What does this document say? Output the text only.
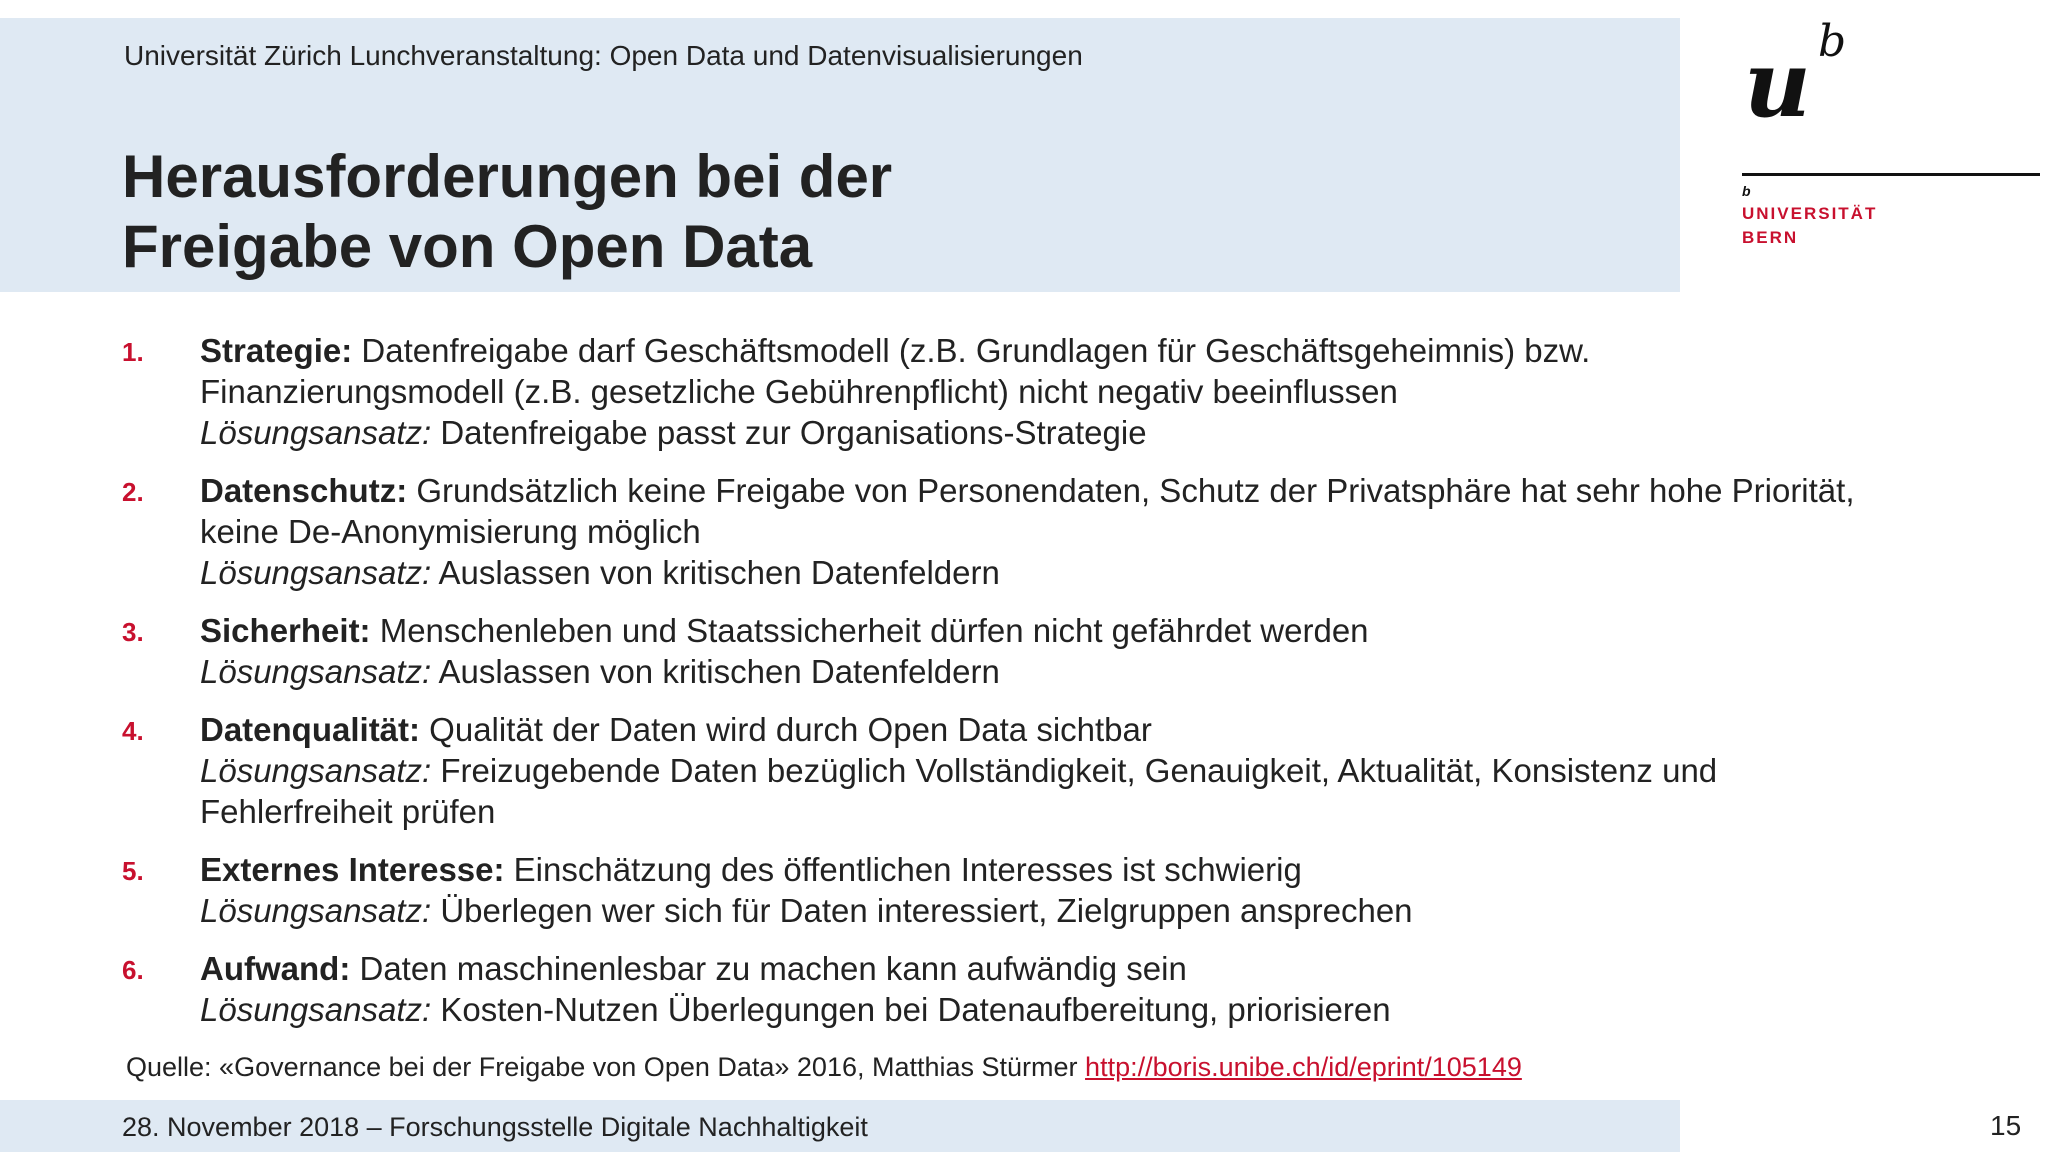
Universität Zürich Lunchveranstaltung: Open Data und Datenvisualisierungen
Herausforderungen bei der
Freigabe von Open Data
u b
b
UNIVERSITÄT
BERN
1.	Strategie: Datenfreigabe darf Geschäftsmodell (z.B. Grundlagen für Geschäftsgeheimnis) bzw.
Finanzierungsmodell (z.B. gesetzliche Gebührenpflicht) nicht negativ beeinflussen
Lösungsansatz: Datenfreigabe passt zur Organisations-Strategie
2.	Datenschutz: Grundsätzlich keine Freigabe von Personendaten, Schutz der Privatsphäre hat sehr hohe Priorität,
keine De-Anonymisierung möglich
Lösungsansatz: Auslassen von kritischen Datenfeldern
3.	Sicherheit: Menschenleben und Staatssicherheit dürfen nicht gefährdet werden
Lösungsansatz: Auslassen von kritischen Datenfeldern
4.	Datenqualität: Qualität der Daten wird durch Open Data sichtbar
Lösungsansatz: Freizugebende Daten bezüglich Vollständigkeit, Genauigkeit, Aktualität, Konsistenz und
Fehlerfreiheit prüfen
5.	Externes Interesse: Einschätzung des öffentlichen Interesses ist schwierig
Lösungsansatz: Überlegen wer sich für Daten interessiert, Zielgruppen ansprechen
6.	Aufwand: Daten maschinenlesbar zu machen kann aufwändig sein
Lösungsansatz: Kosten-Nutzen Überlegungen bei Datenaufbereitung, priorisieren
Quelle: «Governance bei der Freigabe von Open Data» 2016, Matthias Stürmer http://boris.unibe.ch/id/eprint/105149
28. November 2018 – Forschungsstelle Digitale Nachhaltigkeit	15
